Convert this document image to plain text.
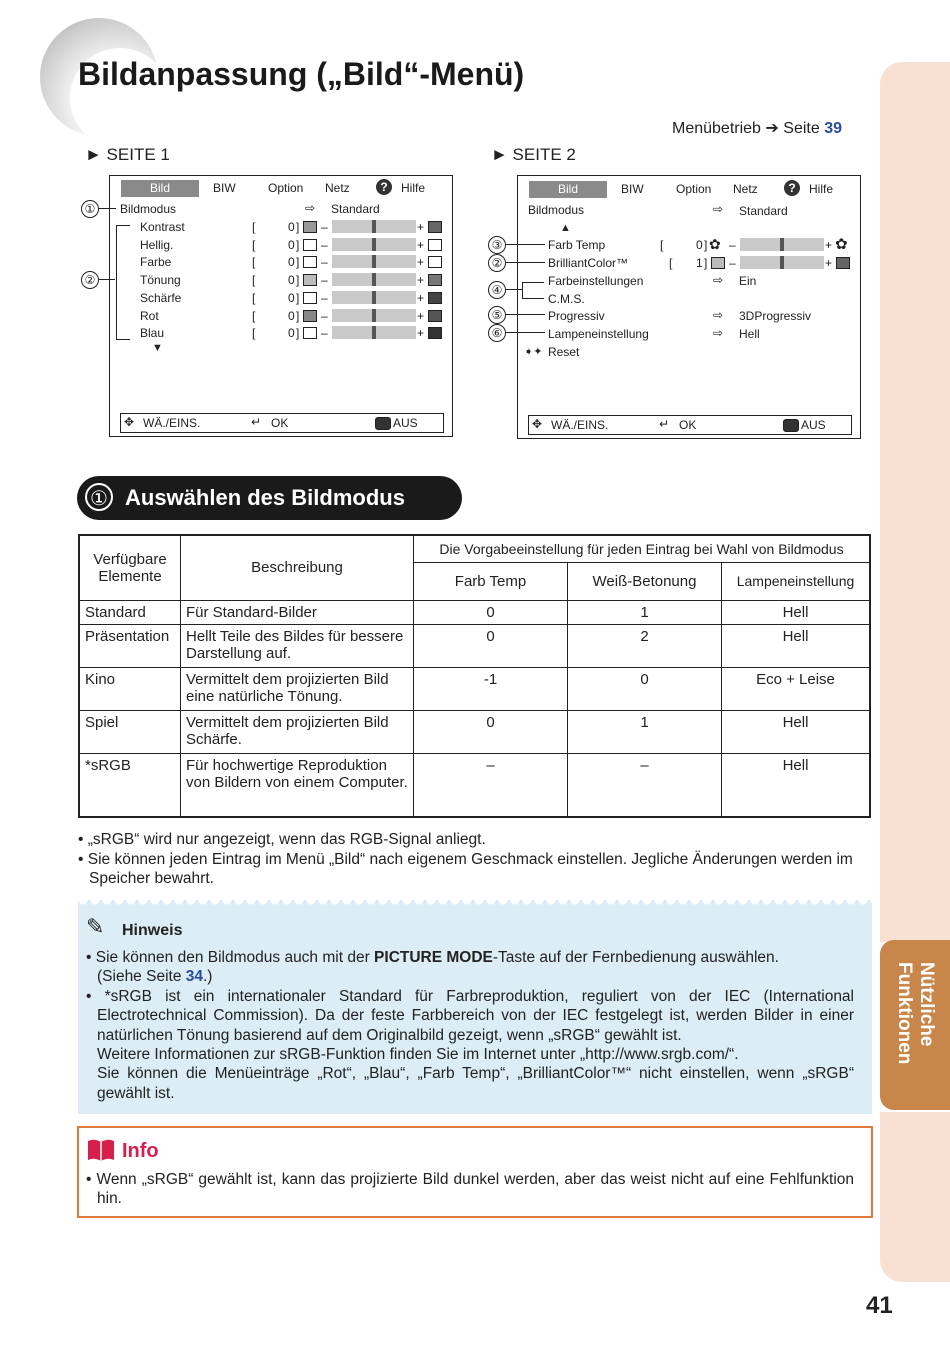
Bildanpassung („Bild“-Menü)
Menübetrieb ➔ Seite 39
Nützliche Funktionen
► SEITE 1
Bild	BIW	Option Netz	?	Hilfe
Bildmodus	⇨ Standard
Kontrast	[	0 ] –	+
Hellig.	[	0 ] –	+
Farbe	[	0 ] –	+
Tönung	[	0 ] –	+
Schärfe	[	0 ] –	+
Rot	[	0 ] –	+
Blau	[	0 ] –	+
▼
✥ WÄ./EINS.	↵ OK	AUS
①
②
► SEITE 2
Bild	BIW	Option Netz	?	Hilfe
Bildmodus	⇨ Standard
▲
Farb Temp	[	0 ] ✿ –	+ ✿
BrilliantColor™	[ 1 ] –	+
Farbeinstellungen	⇨ Ein
C.M.S.
Progressiv	⇨ 3DProgressiv
Lampeneinstellung	⇨ Hell
➧✦ Reset
✥ WÄ./EINS.	↵ OK	AUS
③
②
④
⑤
⑥
① Auswählen des Bildmodus
Verfügbare Elemente	Beschreibung	Die Vorgabeeinstellung für jeden Eintrag bei Wahl von Bildmodus		
		Farb Temp	Weiß-Betonung	Lampeneinstellung
Standard	Für Standard-Bilder	0	1	Hell
Präsentation	Hellt Teile des Bildes für bessere Darstellung auf.	0	2	Hell
Kino	Vermittelt dem projizierten Bild eine natürliche Tönung.	-1	0	Eco + Leise
Spiel	Vermittelt dem projizierten Bild Schärfe.	0	1	Hell
*sRGB	Für hochwertige Reproduktion von Bildern von einem Computer.	–	–	Hell
• „sRGB“ wird nur angezeigt, wenn das RGB-Signal anliegt.
• Sie können jeden Eintrag im Menü „Bild“ nach eigenem Geschmack einstellen. Jegliche Änderungen werden im Speicher bewahrt.
✎ Hinweis
• Sie können den Bildmodus auch mit der PICTURE MODE-Taste auf der Fernbedienung auswählen.
(Siehe Seite 34.)
• *sRGB ist ein internationaler Standard für Farbreproduktion, reguliert von der IEC (International Electrotechnical Commission). Da der feste Farbbereich von der IEC festgelegt ist, werden Bilder in einer natürlichen Tönung basierend auf dem Originalbild gezeigt, wenn „sRGB“ gewählt ist.
Weitere Informationen zur sRGB-Funktion finden Sie im Internet unter „http://www.srgb.com/“.
Sie können die Menüeinträge „Rot“, „Blau“, „Farb Temp“, „BrilliantColor™“ nicht einstellen, wenn „sRGB“ gewählt ist.
Info
• Wenn „sRGB“ gewählt ist, kann das projizierte Bild dunkel werden, aber das weist nicht auf eine Fehlfunktion hin.
41
